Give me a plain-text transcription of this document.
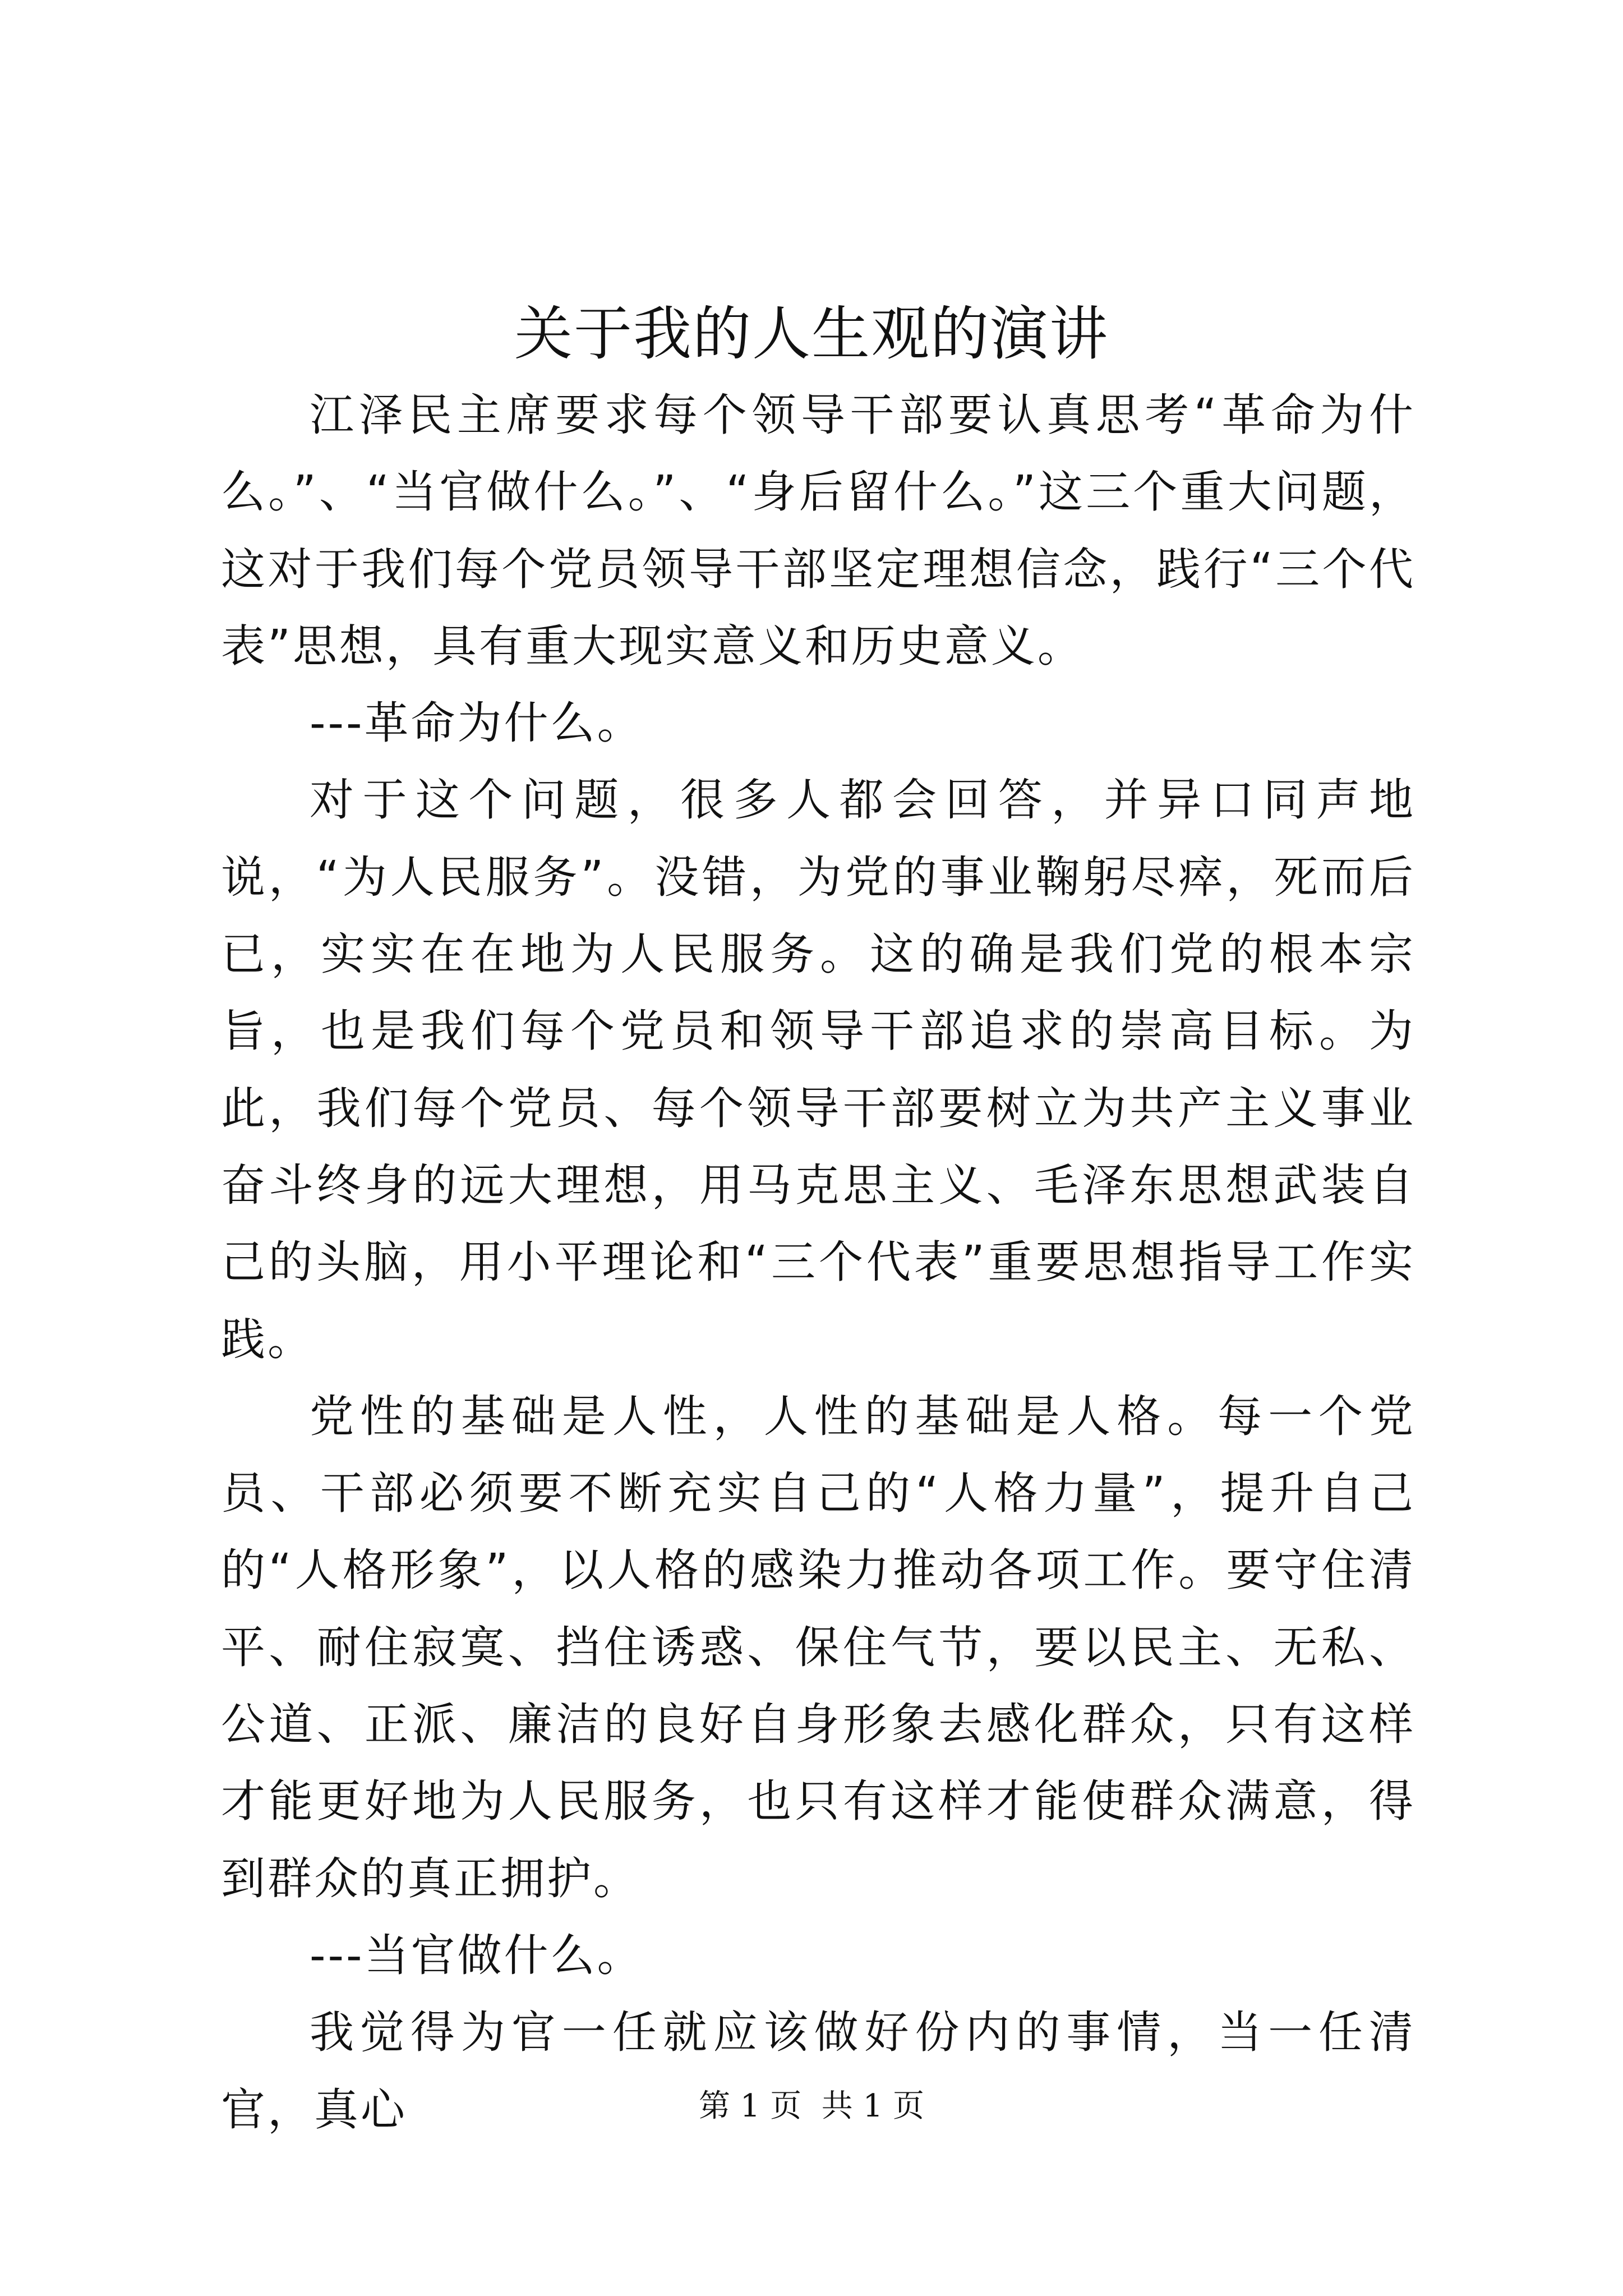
关于我的人生观的演讲

江泽民主席要求每个领导干部要认真思考“革命为什么。”、“当官做什么。”、“身后留什么。”这三个重大问题，这对于我们每个党员领导干部坚定理想信念，践行“三个代表”思想，具有重大现实意义和历史意义。

---革命为什么。

对于这个问题，很多人都会回答，并异口同声地说，“为人民服务”。没错，为党的事业鞠躬尽瘁，死而后已，实实在在地为人民服务。这的确是我们党的根本宗旨，也是我们每个党员和领导干部追求的崇高目标。为此，我们每个党员、每个领导干部要树立为共产主义事业奋斗终身的远大理想，用马克思主义、毛泽东思想武装自己的头脑，用小平理论和“三个代表”重要思想指导工作实践。

党性的基础是人性，人性的基础是人格。每一个党员、干部必须要不断充实自己的“人格力量”，提升自己的“人格形象”，以人格的感染力推动各项工作。要守住清平、耐住寂寞、挡住诱惑、保住气节，要以民主、无私、公道、正派、廉洁的良好自身形象去感化群众，只有这样才能更好地为人民服务，也只有这样才能使群众满意，得到群众的真正拥护。

---当官做什么。

我觉得为官一任就应该做好份内的事情，当一任清官，真心	第 1 页  共 1 页
